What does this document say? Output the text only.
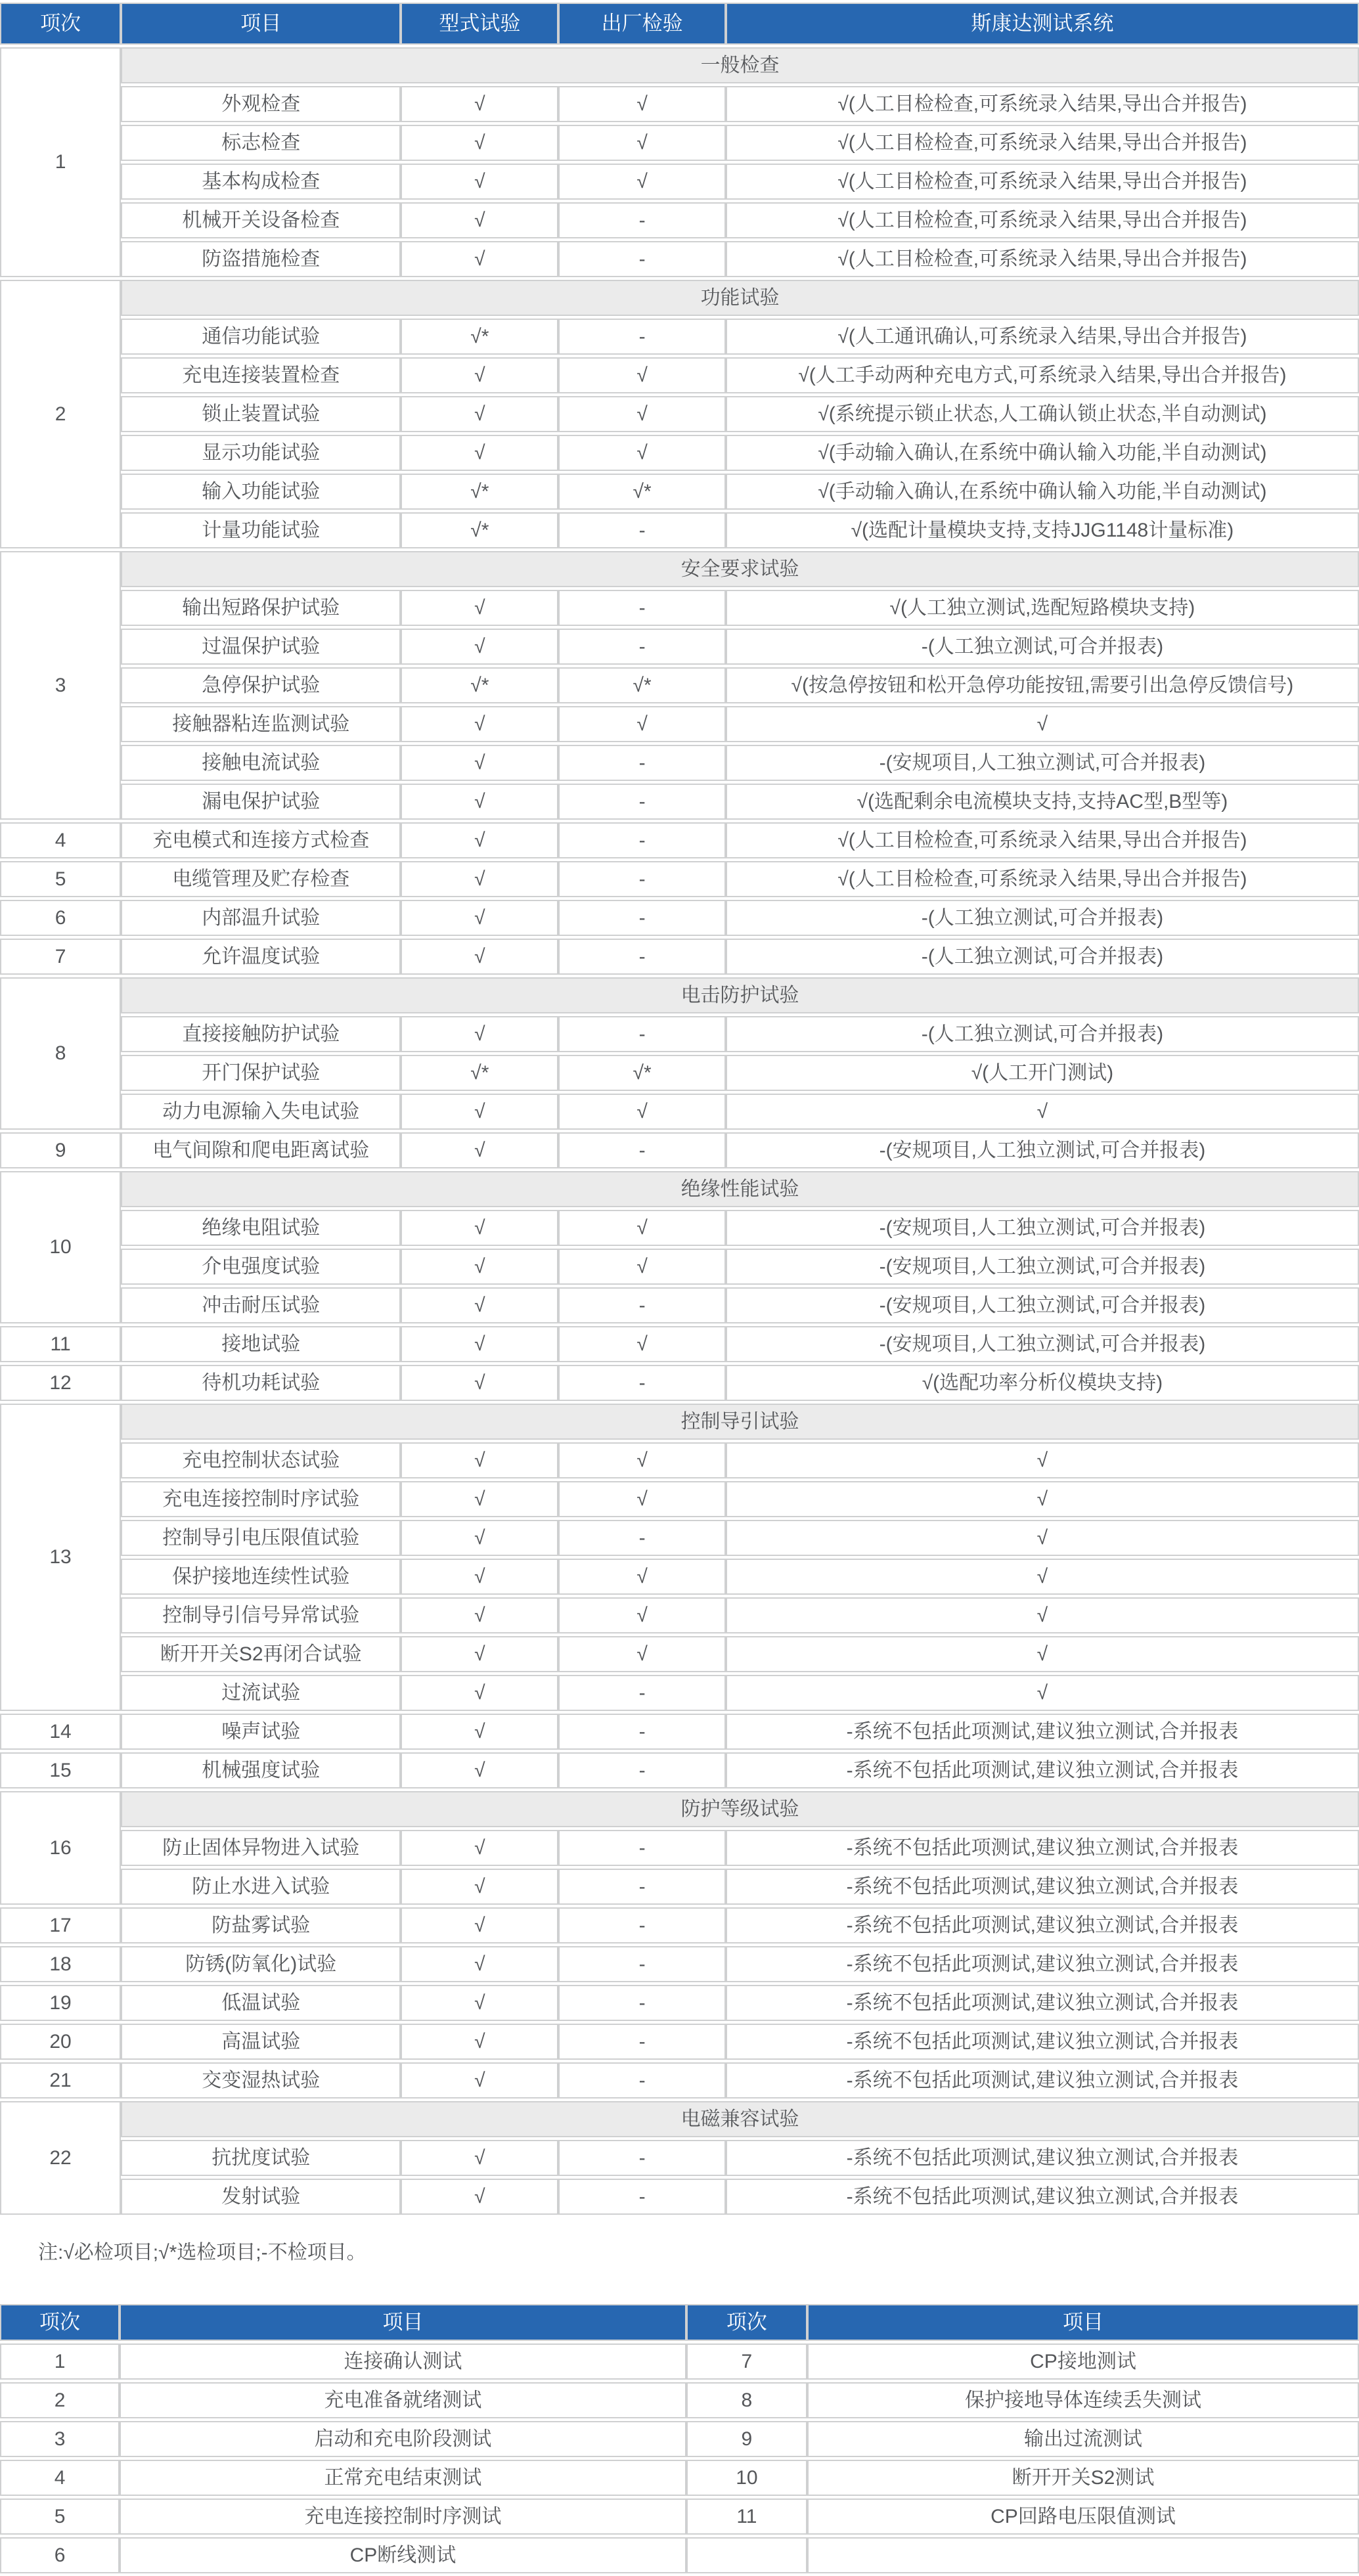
项次	项目	型式试验	出厂检验	斯康达测试系统
1	一般检查			
	外观检查	√	√	√(人工目检检查,可系统录入结果,导出合并报告)
	标志检查	√	√	√(人工目检检查,可系统录入结果,导出合并报告)
	基本构成检查	√	√	√(人工目检检查,可系统录入结果,导出合并报告)
	机械开关设备检查	√	-	√(人工目检检查,可系统录入结果,导出合并报告)
	防盗措施检查	√	-	√(人工目检检查,可系统录入结果,导出合并报告)
2	功能试验			
	通信功能试验	√*	-	√(人工通讯确认,可系统录入结果,导出合并报告)
	充电连接装置检查	√	√	√(人工手动两种充电方式,可系统录入结果,导出合并报告)
	锁止装置试验	√	√	√(系统提示锁止状态,人工确认锁止状态,半自动测试)
	显示功能试验	√	√	√(手动输入确认,在系统中确认输入功能,半自动测试)
	输入功能试验	√*	√*	√(手动输入确认,在系统中确认输入功能,半自动测试)
	计量功能试验	√*	-	√(选配计量模块支持,支持JJG1148计量标准)
3	安全要求试验			
	输出短路保护试验	√	-	√(人工独立测试,选配短路模块支持)
	过温保护试验	√	-	-(人工独立测试,可合并报表)
	急停保护试验	√*	√*	√(按急停按钮和松开急停功能按钮,需要引出急停反馈信号)
	接触器粘连监测试验	√	√	√
	接触电流试验	√	-	-(安规项目,人工独立测试,可合并报表)
	漏电保护试验	√	-	√(选配剩余电流模块支持,支持AC型,B型等)
4	充电模式和连接方式检查	√	-	√(人工目检检查,可系统录入结果,导出合并报告)
5	电缆管理及贮存检查	√	-	√(人工目检检查,可系统录入结果,导出合并报告)
6	内部温升试验	√	-	-(人工独立测试,可合并报表)
7	允许温度试验	√	-	-(人工独立测试,可合并报表)
8	电击防护试验			
	直接接触防护试验	√	-	-(人工独立测试,可合并报表)
	开门保护试验	√*	√*	√(人工开门测试)
	动力电源输入失电试验	√	√	√
9	电气间隙和爬电距离试验	√	-	-(安规项目,人工独立测试,可合并报表)
10	绝缘性能试验			
	绝缘电阻试验	√	√	-(安规项目,人工独立测试,可合并报表)
	介电强度试验	√	√	-(安规项目,人工独立测试,可合并报表)
	冲击耐压试验	√	-	-(安规项目,人工独立测试,可合并报表)
11	接地试验	√	√	-(安规项目,人工独立测试,可合并报表)
12	待机功耗试验	√	-	√(选配功率分析仪模块支持)
13	控制导引试验			
	充电控制状态试验	√	√	√
	充电连接控制时序试验	√	√	√
	控制导引电压限值试验	√	-	√
	保护接地连续性试验	√	√	√
	控制导引信号异常试验	√	√	√
	断开开关S2再闭合试验	√	√	√
	过流试验	√	-	√
14	噪声试验	√	-	-系统不包括此项测试,建议独立测试,合并报表
15	机械强度试验	√	-	-系统不包括此项测试,建议独立测试,合并报表
16	防护等级试验			
	防止固体异物进入试验	√	-	-系统不包括此项测试,建议独立测试,合并报表
	防止水进入试验	√	-	-系统不包括此项测试,建议独立测试,合并报表
17	防盐雾试验	√	-	-系统不包括此项测试,建议独立测试,合并报表
18	防锈(防氧化)试验	√	-	-系统不包括此项测试,建议独立测试,合并报表
19	低温试验	√	-	-系统不包括此项测试,建议独立测试,合并报表
20	高温试验	√	-	-系统不包括此项测试,建议独立测试,合并报表
21	交变湿热试验	√	-	-系统不包括此项测试,建议独立测试,合并报表
22	电磁兼容试验			
	抗扰度试验	√	-	-系统不包括此项测试,建议独立测试,合并报表
	发射试验	√	-	-系统不包括此项测试,建议独立测试,合并报表
注:√必检项目;√*选检项目;-不检项目。
项次	项目	项次	项目
1	连接确认测试	7	CP接地测试
2	充电准备就绪测试	8	保护接地导体连续丢失测试
3	启动和充电阶段测试	9	输出过流测试
4	正常充电结束测试	10	断开开关S2测试
5	充电连接控制时序测试	11	CP回路电压限值测试
6	CP断线测试		
